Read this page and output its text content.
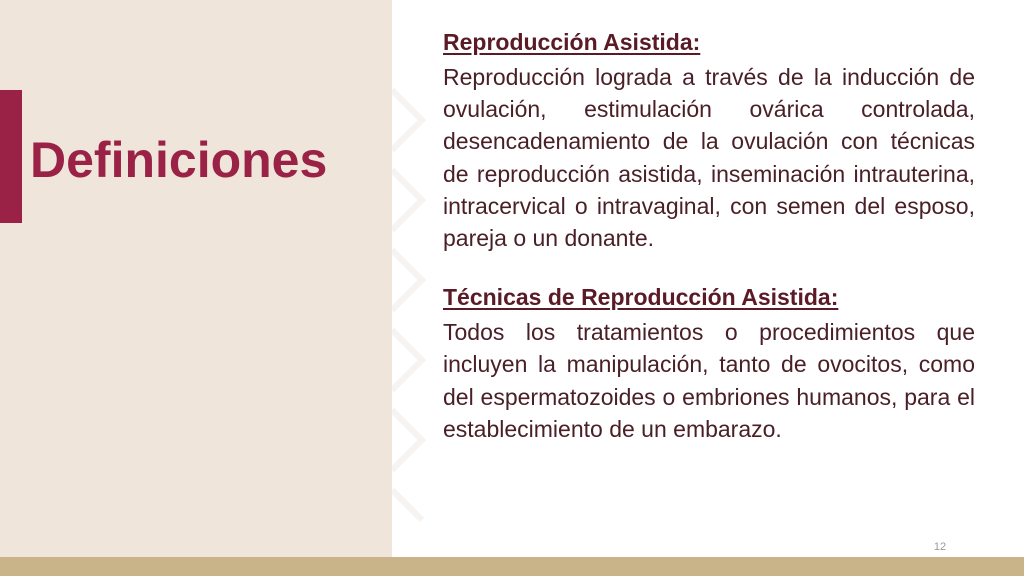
Definiciones

Reproducción Asistida:

Reproducción lograda a través de la inducción de ovulación, estimulación ovárica controlada, desencadenamiento de la ovulación con técnicas de reproducción asistida, inseminación intrauterina, intracervical o intravaginal, con semen del esposo, pareja o un donante.

Técnicas de Reproducción Asistida:

Todos los tratamientos o procedimientos que incluyen la manipulación, tanto de ovocitos, como del espermatozoides o embriones humanos, para el establecimiento de un embarazo.

12
